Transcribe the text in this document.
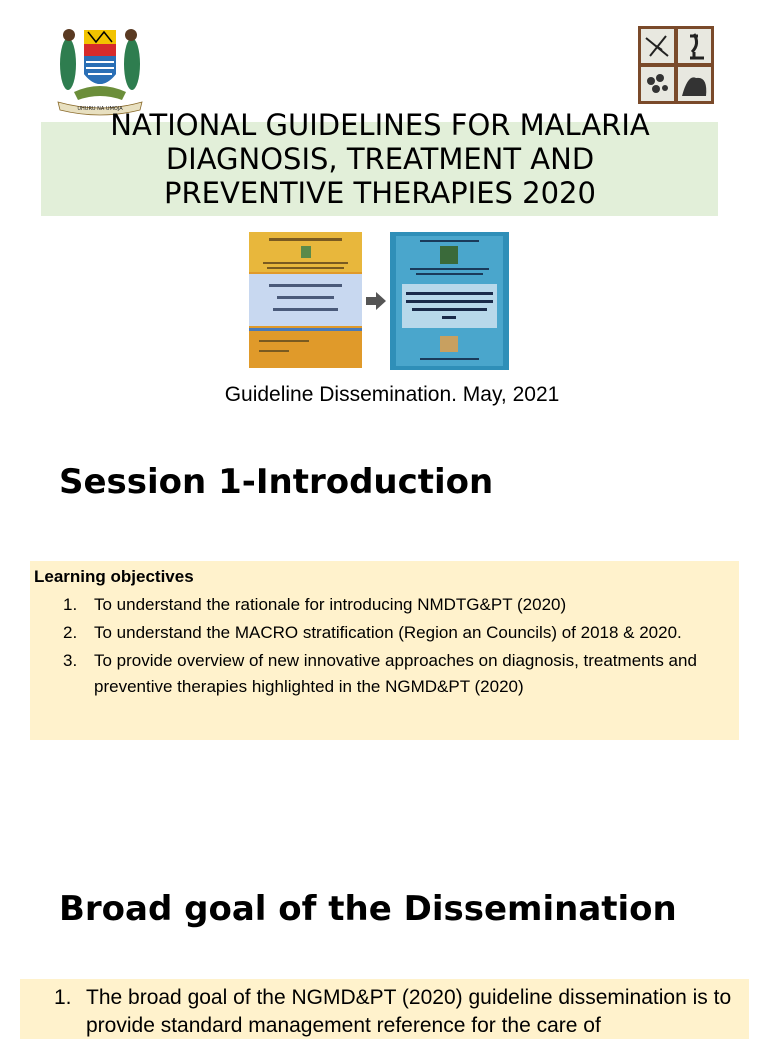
UHURU NA UMOJA
NATIONAL GUIDELINES FOR MALARIA
DIAGNOSIS, TREATMENT AND
PREVENTIVE THERAPIES 2020
Guideline Dissemination. May, 2021
Session 1-Introduction
Learning objectives
1. To understand the rationale for introducing NMDTG&PT (2020)
2. To understand the MACRO stratification (Region an Councils) of 2018 & 2020.
3. To provide overview of new innovative approaches on diagnosis, treatments and preventive therapies highlighted in the NGMD&PT (2020)
Broad goal of the Dissemination
1. The broad goal of the NGMD&PT (2020) guideline dissemination is to provide standard management reference for the care of
